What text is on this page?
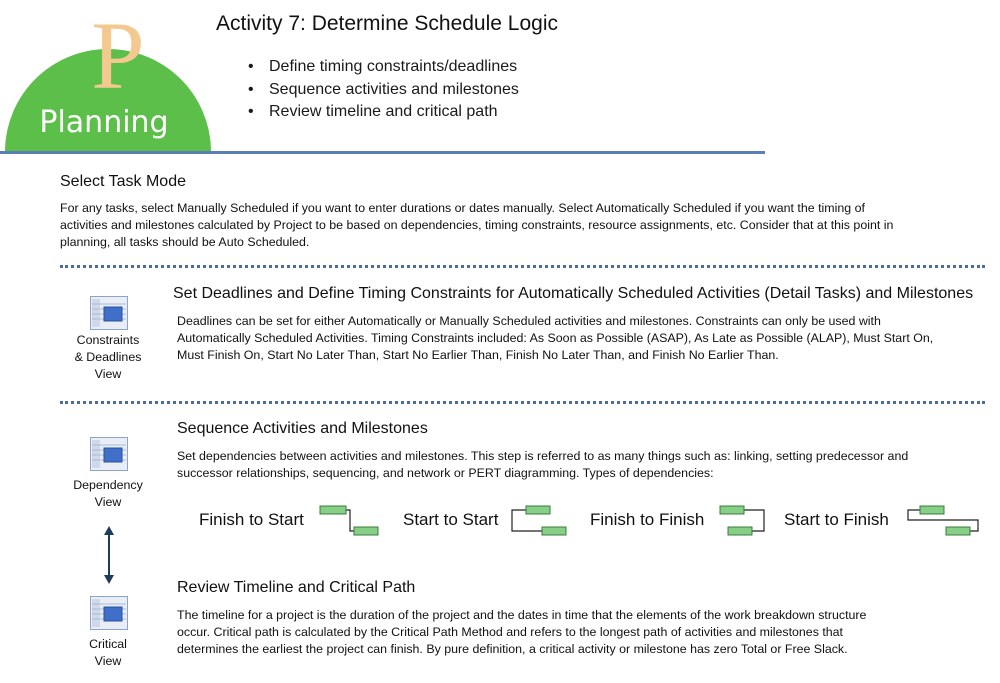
P
Planning
Activity 7: Determine Schedule Logic
• Define timing constraints/deadlines
• Sequence activities and milestones
• Review timeline and critical path
Select Task Mode
For any tasks, select Manually Scheduled if you want to enter durations or dates manually. Select Automatically Scheduled if you want the timing of
activities and milestones calculated by Project to be based on dependencies, timing constraints, resource assignments, etc. Consider that at this point in
planning, all tasks should be Auto Scheduled.
Constraints
& Deadlines
View
Set Deadlines and Define Timing Constraints for Automatically Scheduled Activities (Detail Tasks) and Milestones
Deadlines can be set for either Automatically or Manually Scheduled activities and milestones. Constraints can only be used with
Automatically Scheduled Activities. Timing Constraints included: As Soon as Possible (ASAP), As Late as Possible (ALAP), Must Start On,
Must Finish On, Start No Later Than, Start No Earlier Than, Finish No Later Than, and Finish No Earlier Than.
Dependency
View
Sequence Activities and Milestones
Set dependencies between activities and milestones. This step is referred to as many things such as: linking, setting predecessor and
successor relationships, sequencing, and network or PERT diagramming. Types of dependencies:
Finish to Start	Start to Start	Finish to Finish	Start to Finish
Critical
View
Review Timeline and Critical Path
The timeline for a project is the duration of the project and the dates in time that the elements of the work breakdown structure
occur. Critical path is calculated by the Critical Path Method and refers to the longest path of activities and milestones that
determines the earliest the project can finish. By pure definition, a critical activity or milestone has zero Total or Free Slack.
